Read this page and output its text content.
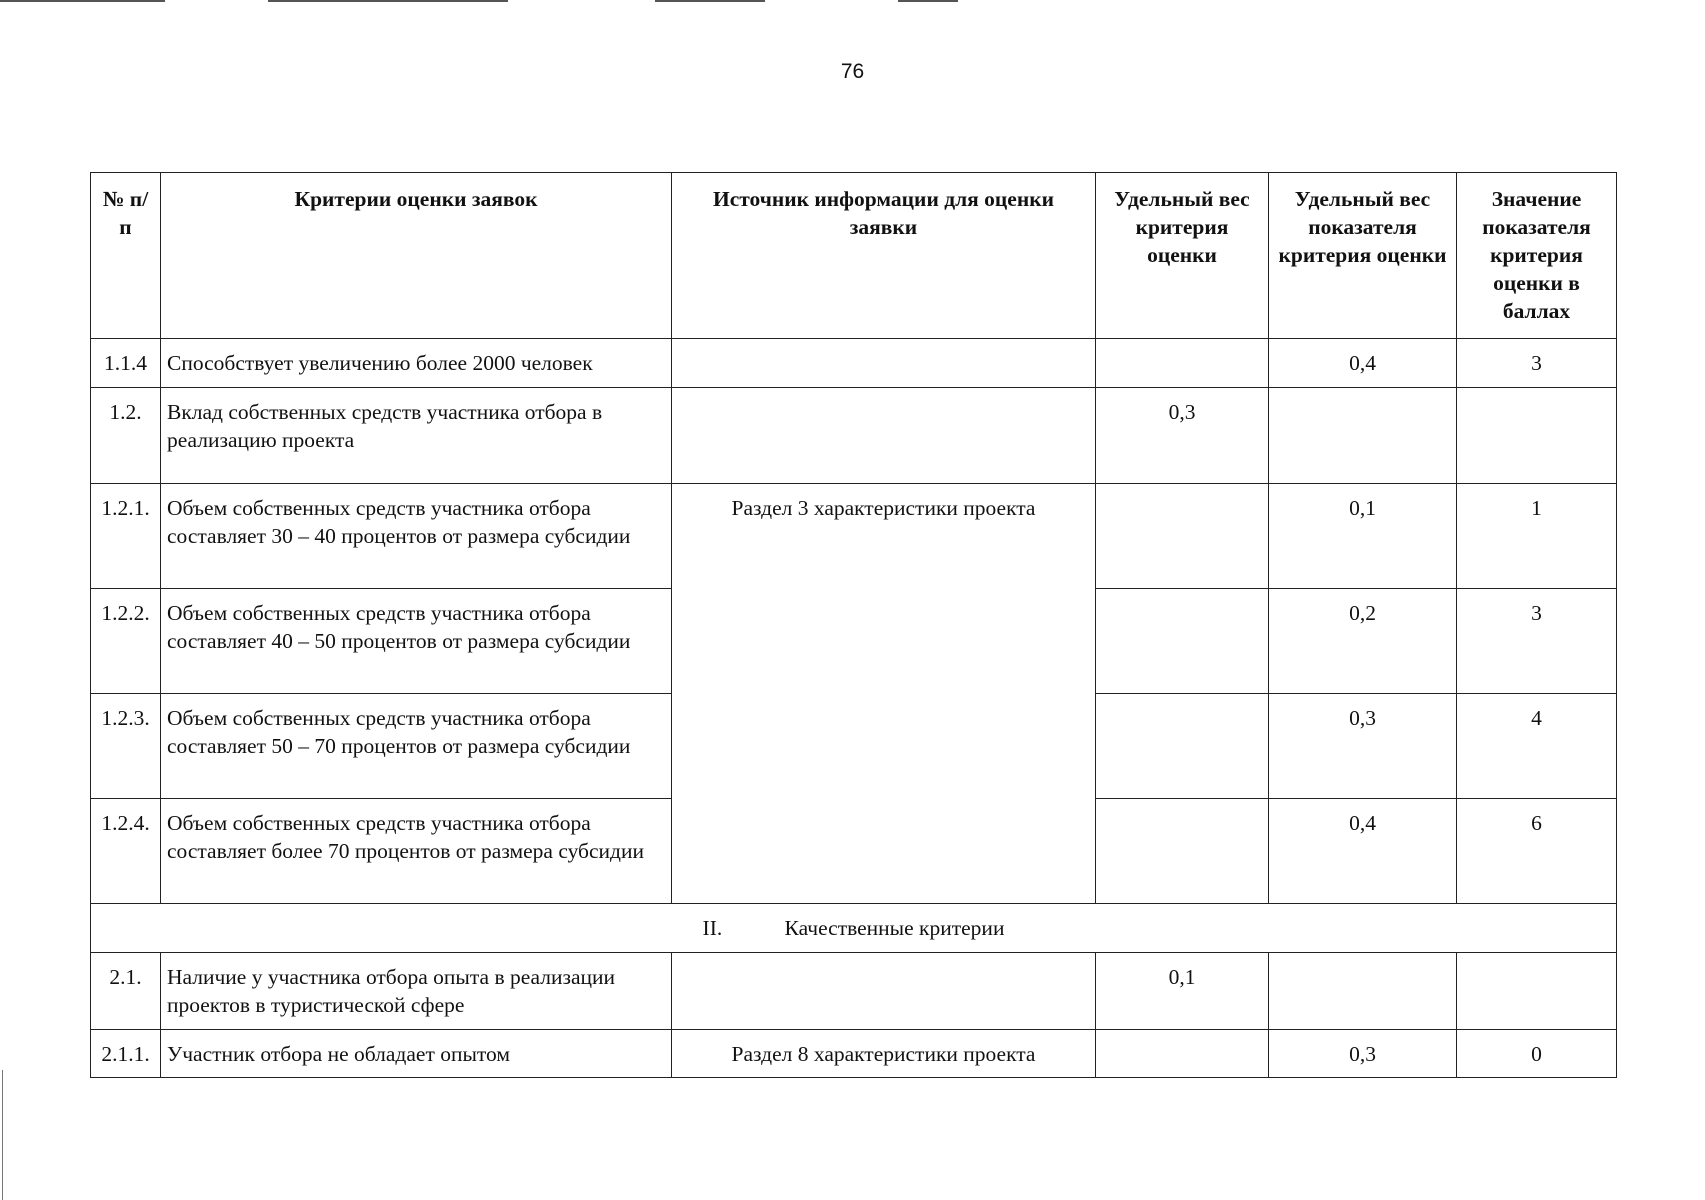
76
№ п/п	Критерии оценки заявок	Источник информации для оценки заявки	Удельный вес критерия оценки	Удельный вес показателя критерия оценки	Значение показателя критерия оценки в баллах
1.1.4	Способствует увеличению более 2000 человек			0,4	3
1.2.	Вклад собственных средств участника отбора в реализацию проекта		0,3		
1.2.1.	Объем собственных средств участника отбора составляет 30 – 40 процентов от размера субсидии	Раздел 3 характеристики проекта		0,1	1
1.2.2.	Объем собственных средств участника отбора составляет 40 – 50 процентов от размера субсидии			0,2	3
1.2.3.	Объем собственных средств участника отбора составляет 50 – 70 процентов от размера субсидии			0,3	4
1.2.4.	Объем собственных средств участника отбора составляет более 70 процентов от размера субсидии			0,4	6
II. Качественные критерии					
2.1.	Наличие у участника отбора опыта в реализации проектов в туристической сфере		0,1		
2.1.1.	Участник отбора не обладает опытом	Раздел 8 характеристики проекта		0,3	0
